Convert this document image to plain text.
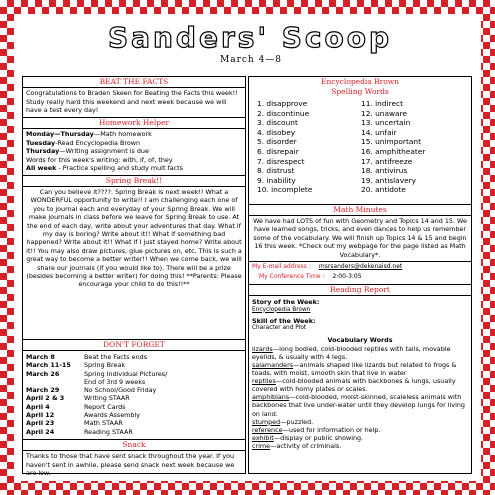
Sanders' Scoop
March 4—8
BEAT THE FACTS
Congratulations to Braden Skeen for Beating the Facts this week!! Study really hard this weekend and next week because we will have a test every day!
Homework Helper
Monday—Thursday—Math homework
Tuesday-Read Encyclopedia Brown
Thursday—Writing assignment is due
Words for this week's writing: with, if, of, they
All week - Practice spelling and study mult facts
Spring Break!!
Can you believe it????. Spring Break is next week!! What a WONDERFUL opportunity to write!! I am challenging each one of you to journal each and everyday of your Spring Break. We will make journals in class before we leave for Spring Break to use. At the end of each day, write about your adventures that day. What if my day is boring? Write about it!! What if something bad happened? Write about it!! What if I just stayed home? Write about it!! You may also draw pictures, glue pictures on, etc. This is such a great way to become a better writer!! When we come back, we will share our journals (if you would like to). There will be a prize (besides becoming a better writer) for doing this! **Parents: Please encourage your child to do this!!**
DON'T FORGET
March 8	Beat the Facts ends
March 11-15	Spring Break
March 26	Spring Individual Pictures/
End of 3rd 9 weeks
March 29	No School/Good Friday
April 2 & 3	Writing STAAR
April 4	Report Cards
April 12	Awards Assembly
April 23	Math STAAR
April 24	Reading STAAR
Snack
Thanks to those that have sent snack throughout the year. If you haven't sent in awhile, please send snack next week because we are low.
Encyclopedia Brown
Spelling Words
1. disapprove
2. discontinue
3. discount
4. disobey
5. disorder
6. disrepair
7. disrespect
8. distrust
9. inability
10. incomplete
11. indirect
12. unaware
13. uncertain
14. unfair
15. unimportant
16. amphitheater
17. antifreeze
18. antivirus
19. antislavery
20. antidote
Math Minutes
We have had LOTS of fun with Geometry and Topics 14 and 15. We have learned songs, tricks, and even dances to help us remember some of the vocabulary. We will finish up Topics 14 & 15 and begin 16 this week. *Check out my webpage for the page listed as Math Vocabulary*.
My E-mail address : msrsanders@dekenaisd.net
My Conference Time : 2:00-3:05
Reading Report
Story of the Week:
Encyclopedia Brown
Skill of the Week:
Character and Plot
Vocabulary Words
lizards—long bodied, cold-blooded reptiles with tails, movable eyelids, & usually with 4 legs.
salamanders—animals shaped like lizards but related to frogs & toads, with moist, smooth skin that live in water
reptiles—cold-blooded animals with backbones & lungs, usually covered with horny plates or scales.
amphibians—cold-blooded, moist-skinned, scaleless animals with backbones that live under-water until they develop lungs for living on land.
stumped—puzzled.
reference—used for information or help.
exhibit—display or public showing.
crime—activity of criminals.
